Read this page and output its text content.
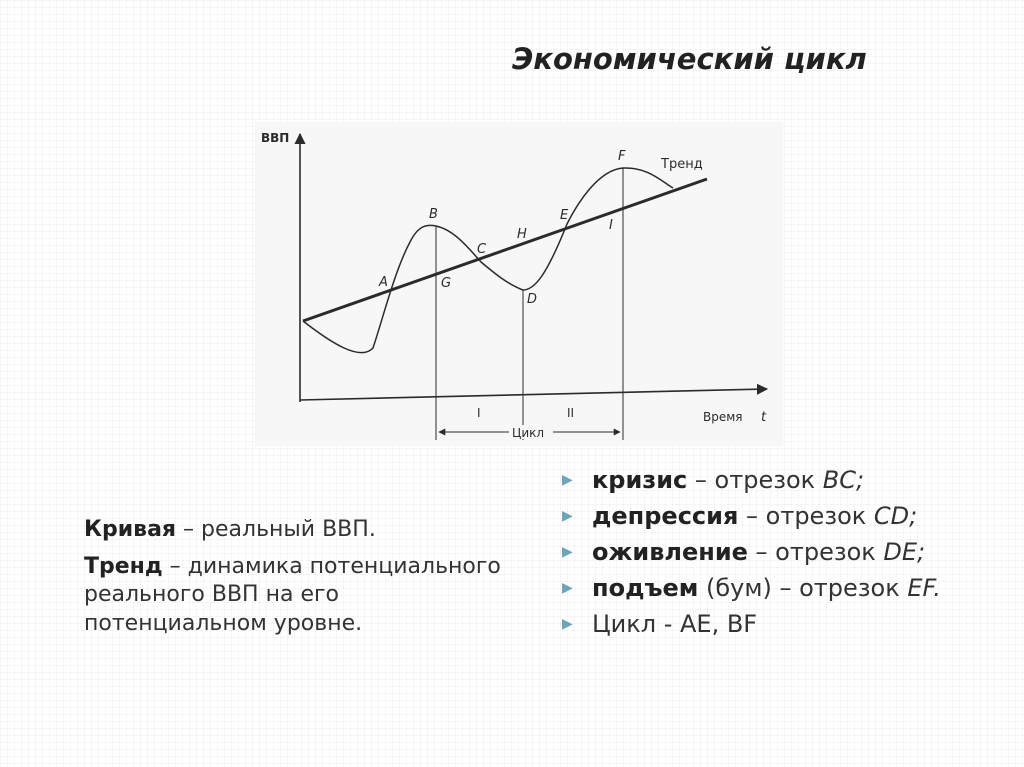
Экономический цикл
ВВП
Время t
Тренд
A
B
C
G
H
D
E
I
F
I	II
Цикл

Кривая – реальный ВВП.

Тренд – динамика потенциального реального ВВП на его потенциальном уровне.

▶ кризис – отрезок BC;
▶ депрессия – отрезок CD;
▶ оживление – отрезок DE;
▶ подъем (бум) – отрезок EF.
▶ Цикл - AE, BF
